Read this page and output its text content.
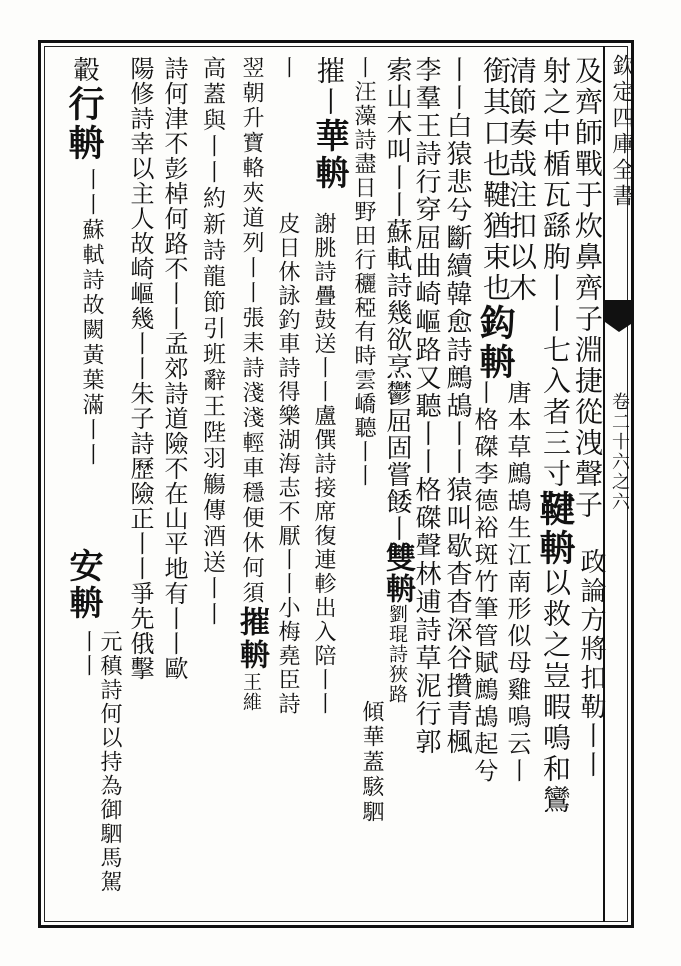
欽定四庫全書
卷二十六之六
及齊師戰于炊鼻齊子淵捷從洩聲子
射之中楯瓦繇朐丨丨七入者三寸鞬輈以救之豈暇鳴和鸞
清節奏哉注扣以木
政論方將扣勒丨丨
銜其口也鞬猶束也鈎輈
丨格磔李德裕斑竹筆管賦鷓鴣起兮 唐本草鷓鴣生江南形似母雞鳴云丨
丨丨白猿悲兮斷續韓愈詩鷓鴣丨丨猿叫歇杳杳深谷攢青楓
李羣王詩行穿屈曲崎嶇路又聽丨丨格磔聲林逋詩草泥行郭
索山木叫丨丨蘇軾詩幾欲烹鬱屈固嘗餧丨雙輈劉琨詩狹路
丨汪藻詩盡日野田行穲稏有時雲嶠聽丨丨
傾華蓋駭駟
摧丨華輈
謝朓詩疊鼓送丨丨盧僎詩接席復連軫出入陪丨丨
丨
皮日休詠釣車詩得樂湖海志不厭丨丨小梅堯臣詩
翌朝升寶輅夾道列丨丨張耒詩淺淺輕車穩便休何須摧輈王維
高蓋與丨丨約新詩龍節引班辭王陛羽觴傳酒送丨丨
詩何津不彭棹何路不丨丨孟郊詩道險不在山平地有丨丨歐
陽修詩幸以主人故崎嶇幾丨丨朱子詩歷險正丨丨爭先俄擊
轂行輈
丨丨蘇軾詩故闕黃葉滿丨丨
安輈
元稹詩何以持為御駟馬駕丨丨
